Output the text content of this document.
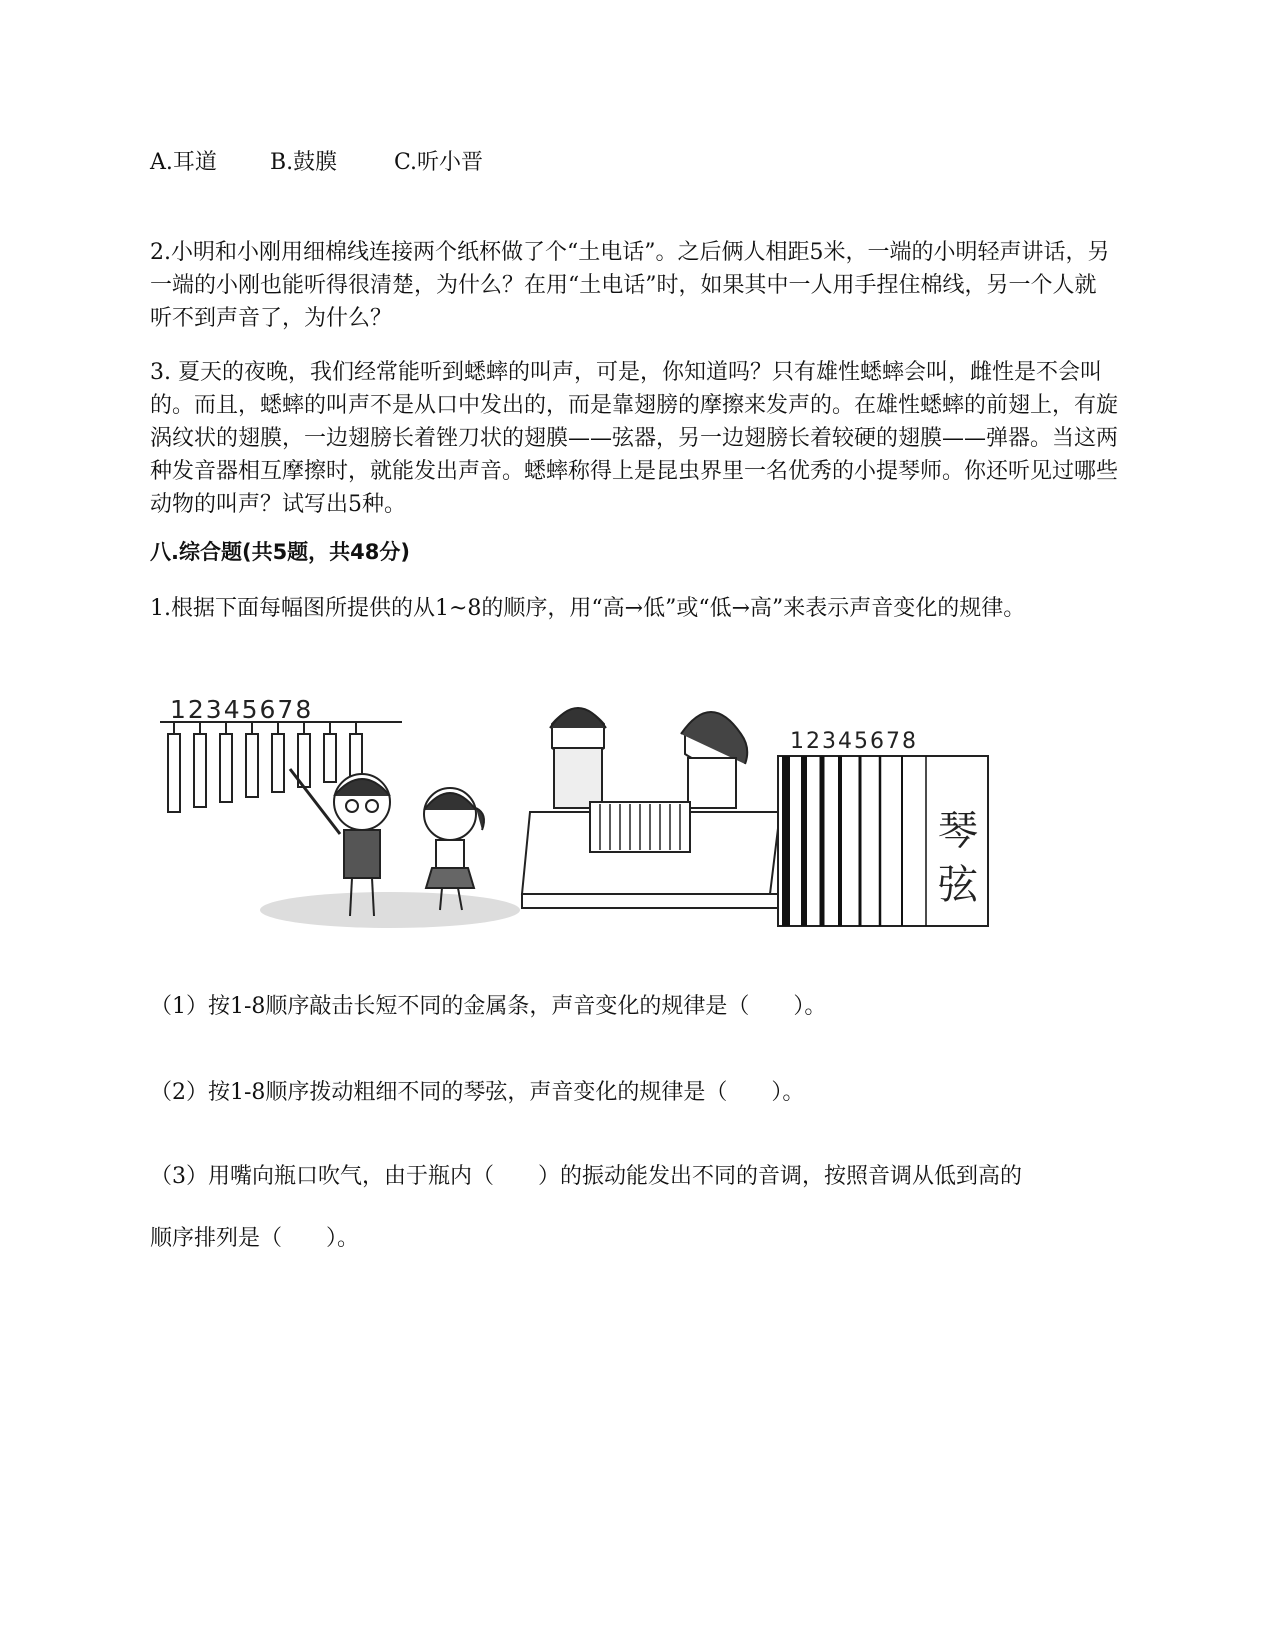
A.耳道 B.鼓膜	C.听小晋
2.小明和小刚用细棉线连接两个纸杯做了个“土电话”。之后俩人相距5米，一端的小明轻声讲话，另一端的小刚也能听得很清楚，为什么？在用“土电话”时，如果其中一人用手捏住棉线，另一个人就听不到声音了，为什么？
3. 夏天的夜晚，我们经常能听到蟋蟀的叫声，可是，你知道吗？只有雄性蟋蟀会叫，雌性是不会叫的。而且，蟋蟀的叫声不是从口中发出的，而是靠翅膀的摩擦来发声的。在雄性蟋蟀的前翅上，有旋涡纹状的翅膜，一边翅膀长着锉刀状的翅膜——弦器，另一边翅膀长着较硬的翅膜——弹器。当这两种发音器相互摩擦时，就能发出声音。蟋蟀称得上是昆虫界里一名优秀的小提琴师。你还听见过哪些动物的叫声？试写出5种。
八.综合题(共5题，共48分)
1.根据下面每幅图所提供的从1~8的顺序，用“高→低”或“低→高”来表示声音变化的规律。
12345678
12345678
琴
弦
（1）按1-8顺序敲击长短不同的金属条，声音变化的规律是（　　）。
（2）按1-8顺序拨动粗细不同的琴弦，声音变化的规律是（　　）。
（3）用嘴向瓶口吹气，由于瓶内（　　）的振动能发出不同的音调，按照音调从低到高的
顺序排列是（　　）。
